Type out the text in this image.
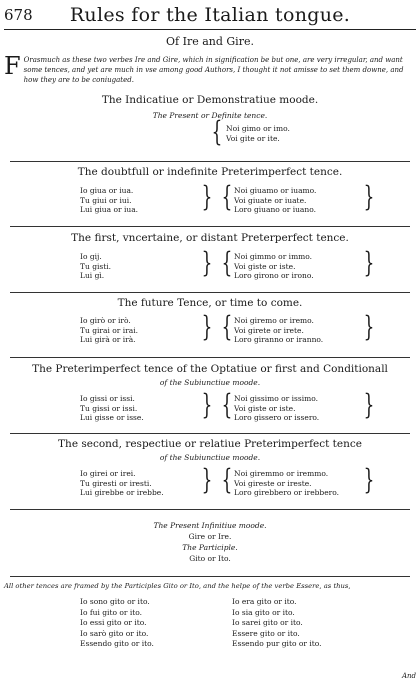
678	Rules for the Italian tongue.
Of Ire and Gire.
F Orasmuch as these two verbes Ire and Gire, which in signification be but one, are very irregular, and want some tences, and yet are much in vse among good Authors, I thought it not amisse to set them downe, and how they are to be coniugated.
The Indicatiue or Demonstratiue moode.
The Present or Definite tence.
{ Noi gimo or imo.
Voi gite or ite.
The doubtfull or indefinite Preterimperfect tence.
Io giua or iua.
Tu giui or iui.
Lui giua or iua. } { Noi giuamo or iuamo.
Voi giuate or iuate.
Loro giuano or iuano. }
The first, vncertaine, or distant Preterperfect tence.
Io gij.
Tu gisti.
Lui gì.	} { Noi gimmo or immo.
Voi giste or iste.
Loro girono or irono. }
The future Tence, or time to come.
Io girò or irò.
Tu girai or irai.
Lui girà or irà. } { Noi giremo or iremo.
Voi girete or irete.
Loro giranno or iranno. }
The Preterimperfect tence of the Optatiue or first and Conditionall
of the Subiunctiue moode.
Io gissi or issi.
Tu gissi or issi.
Lui gisse or isse. } { Noi gissimo or issimo.
Voi giste or iste.
Loro gissero or issero. }
The second, respectiue or relatiue Preterimperfect tence
of the Subiunctiue moode.
Io girei or irei.
Tu giresti or iresti.
Lui girebbe or irebbe. } { Noi giremmo or iremmo.
Voi gireste or ireste.
Loro girebbero or irebbero. }
The Present Infinitiue moode.
Gire or Ire.
The Participle.
Gito or Ito.
All other tences are framed by the Participles Gito or Ito, and the helpe of the verbe Essere, as thus,
Io sono gito or ito.
Io fui gito or ito.
Io essi gito or ito.
Io sarò gito or ito.
Essendo gito or ito.
Io era gito or ito.
Io sia gito or ito.
Io sarei gito or ito.
Essere gito or ito.
Essendo pur gito or ito.
And
